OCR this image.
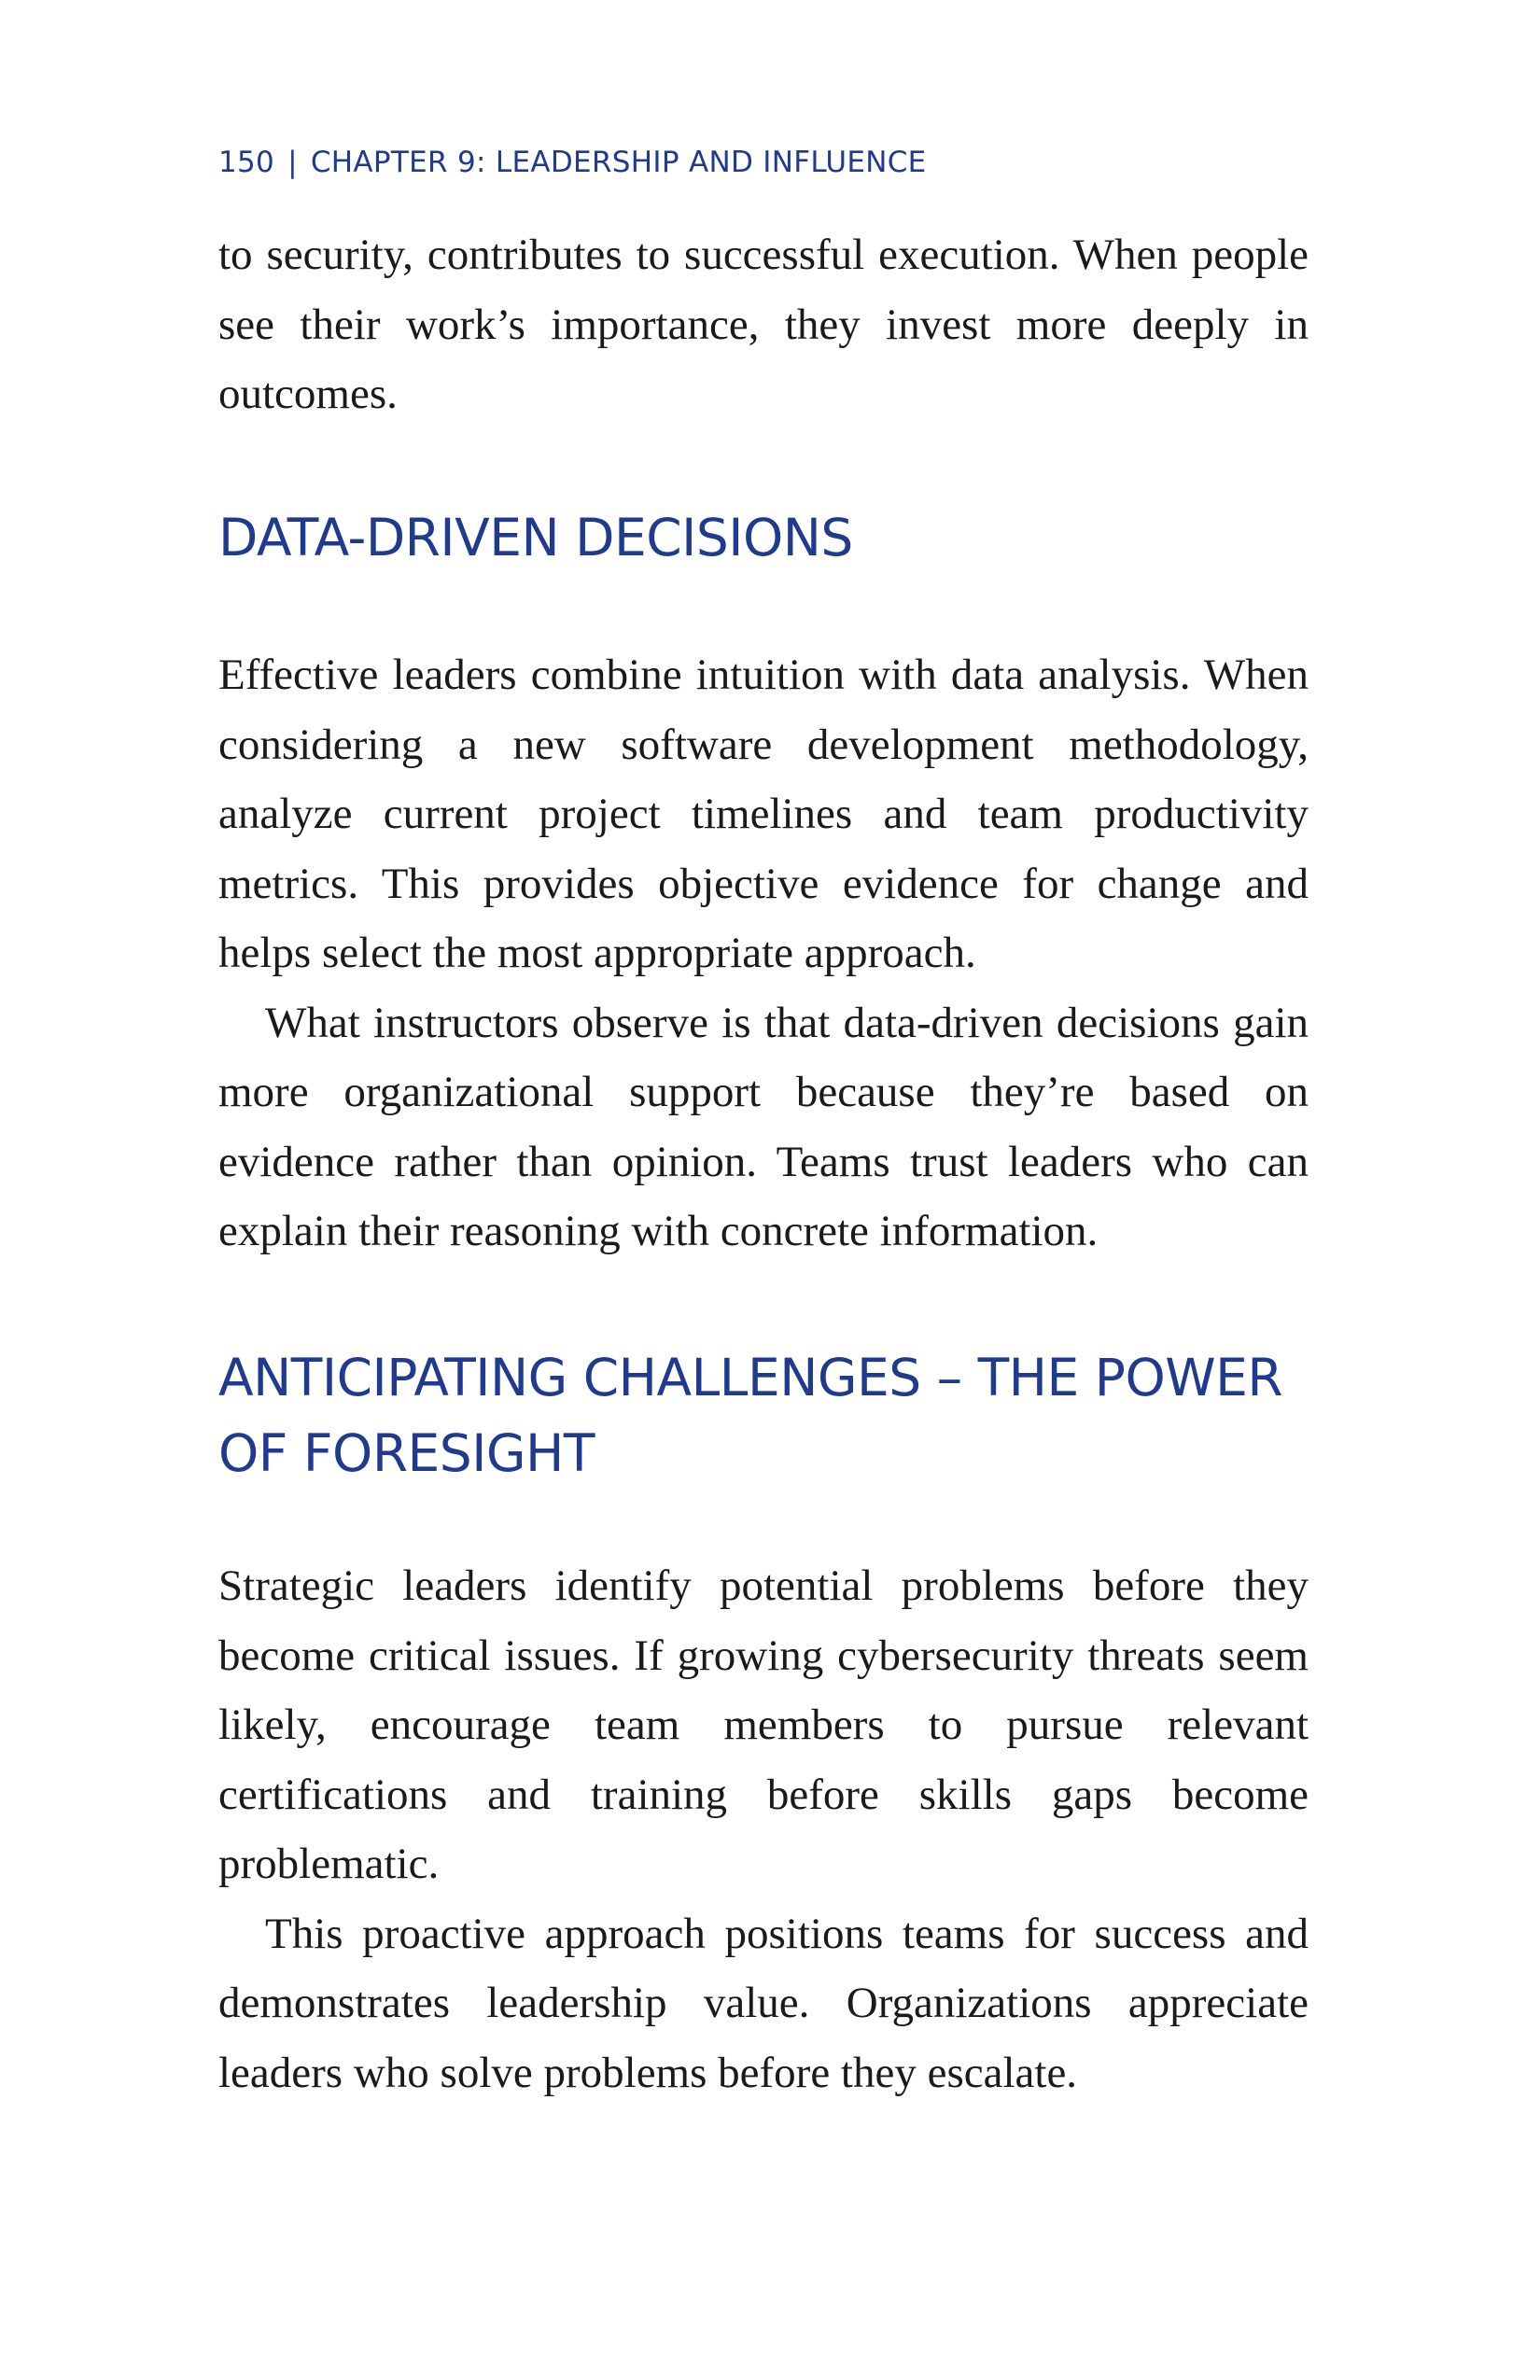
150 | CHAPTER 9: LEADERSHIP AND INFLUENCE

to security, contributes to successful execution. When people see their work’s importance, they invest more deeply in outcomes.

DATA-DRIVEN DECISIONS

Effective leaders combine intuition with data analysis. When considering a new software development methodology, analyze current project timelines and team productivity metrics. This provides objective evidence for change and helps select the most appropriate approach.

What instructors observe is that data-driven decisions gain more organizational support because they’re based on evidence rather than opinion. Teams trust leaders who can explain their reasoning with concrete information.

ANTICIPATING CHALLENGES – THE POWER OF FORESIGHT

Strategic leaders identify potential problems before they become critical issues. If growing cybersecurity threats seem likely, encourage team members to pursue relevant certifications and training before skills gaps become problematic.

This proactive approach positions teams for success and demonstrates leadership value. Organizations appreciate leaders who solve problems before they escalate.
